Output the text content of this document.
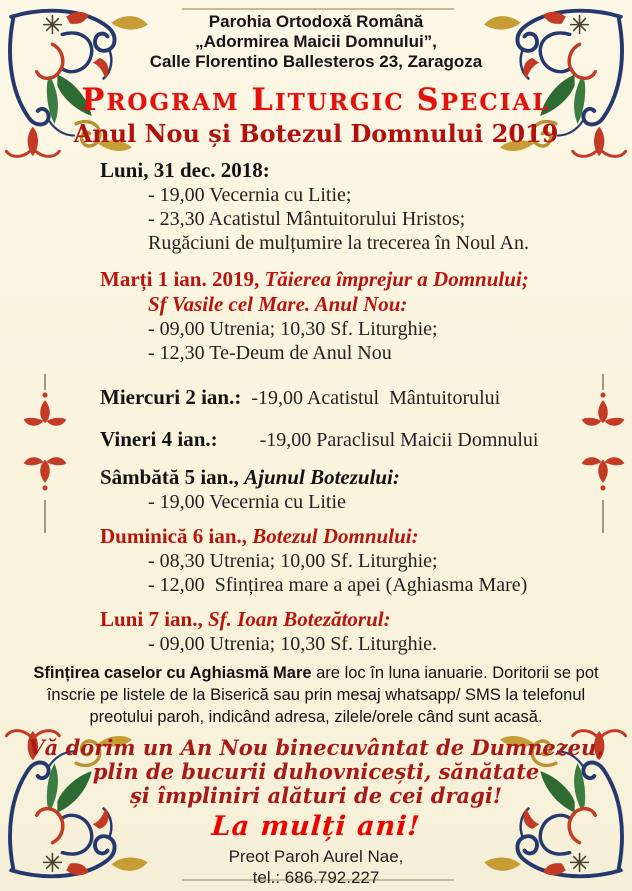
Parohia Ortodoxă Română
„Adormirea Maicii Domnului”,
Calle Florentino Ballesteros 23, Zaragoza
PROGRAM LITURGIC SPECIAL
Anul Nou și Botezul Domnului 2019
Luni, 31 dec. 2018:
- 19,00 Vecernia cu Litie;
- 23,30 Acatistul Mântuitorului Hristos;
Rugăciuni de mulțumire la trecerea în Noul An.
Marți 1 ian. 2019, Tăierea împrejur a Domnului;
Sf Vasile cel Mare. Anul Nou:
- 09,00 Utrenia; 10,30 Sf. Liturghie;
- 12,30 Te-Deum de Anul Nou
Miercuri 2 ian.: -19,00 Acatistul  Mântuitorului
Vineri 4 ian.: -19,00 Paraclisul Maicii Domnului
Sâmbătă 5 ian., Ajunul Botezului:
- 19,00 Vecernia cu Litie
Duminică 6 ian., Botezul Domnului:
- 08,30 Utrenia; 10,00 Sf. Liturghie;
- 12,00  Sfințirea mare a apei (Aghiasma Mare)
Luni 7 ian., Sf. Ioan Botezătorul:
- 09,00 Utrenia; 10,30 Sf. Liturghie.
Sfințirea caselor cu Aghiasmă Mare are loc în luna ianuarie. Doritorii se pot înscrie pe listele de la Biserică sau prin mesaj whatsapp/ SMS la telefonul preotului paroh, indicând adresa, zilele/orele când sunt acasă.
Vă dorim un An Nou binecuvântat de Dumnezeu,
plin de bucurii duhovnicești, sănătate
și împliniri alături de cei dragi!
La mulți ani!
Preot Paroh Aurel Nae,
tel.: 686.792.227
